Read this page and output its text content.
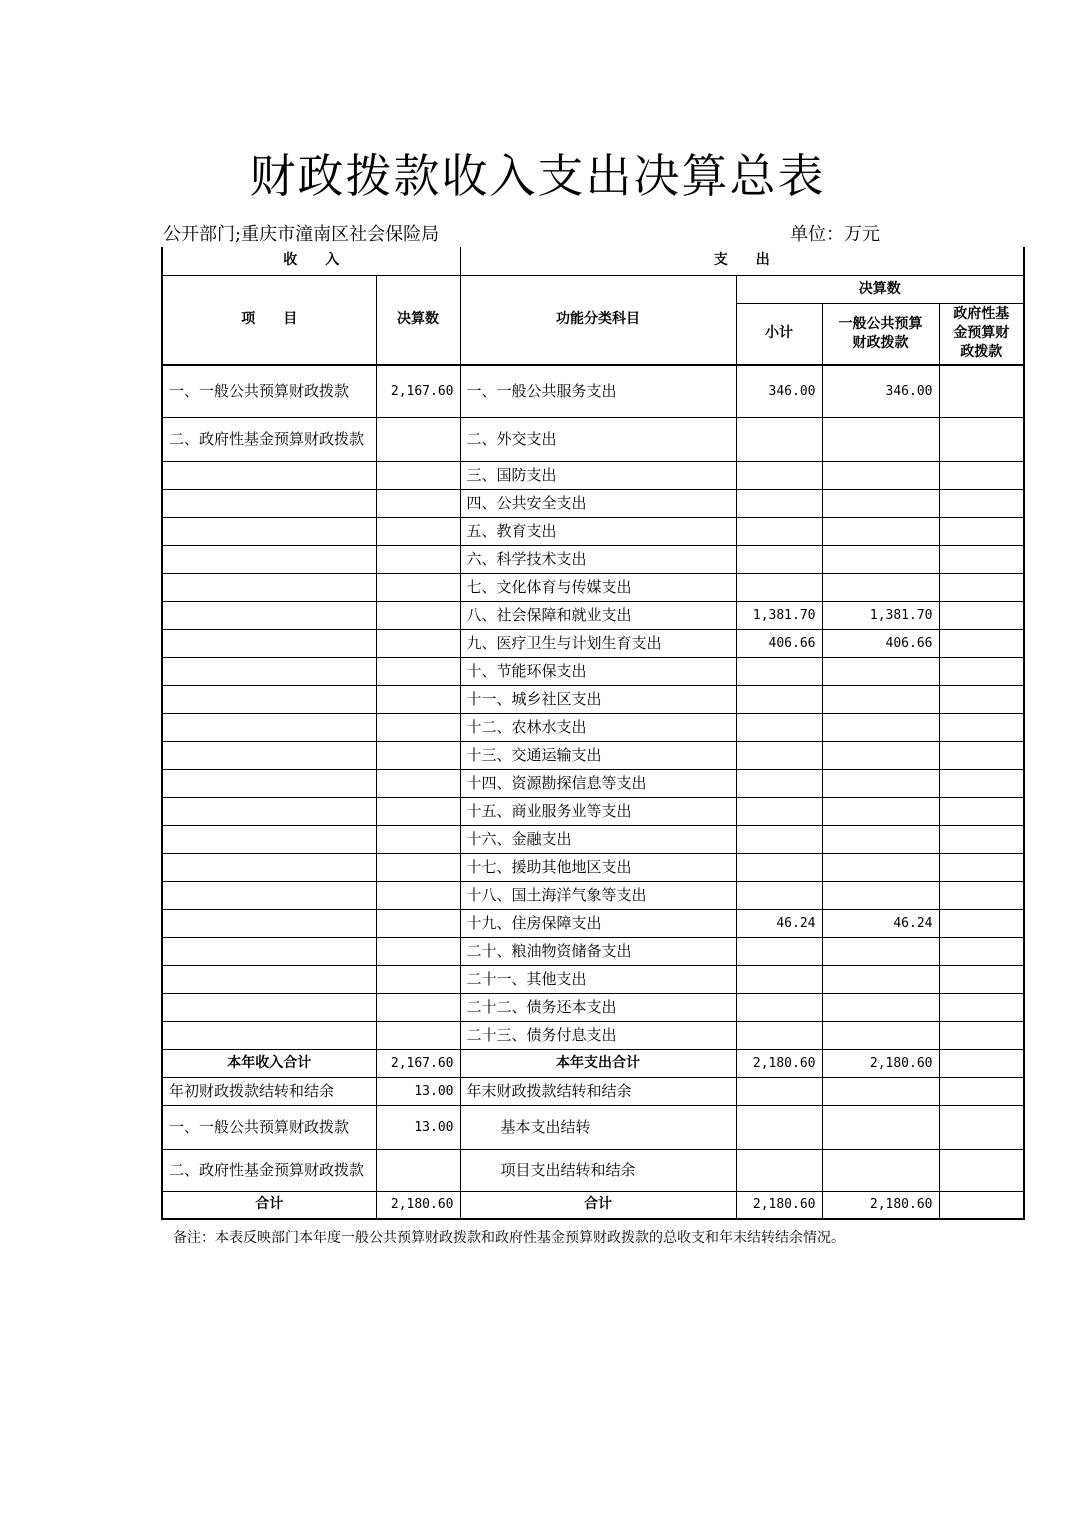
财政拨款收入支出决算总表
公开部门;重庆市潼南区社会保险局	单位：万元
收　　入		支　　出			
项　　目	决算数	功能分类科目	决算数		
			小计	一般公共预算财政拨款	政府性基金预算财政拨款
一、一般公共预算财政拨款	2,167.60	一、一般公共服务支出	346.00	346.00	
二、政府性基金预算财政拨款		二、外交支出			
		三、国防支出			
		四、公共安全支出			
		五、教育支出			
		六、科学技术支出			
		七、文化体育与传媒支出			
		八、社会保障和就业支出	1,381.70	1,381.70	
		九、医疗卫生与计划生育支出	406.66	406.66	
		十、节能环保支出			
		十一、城乡社区支出			
		十二、农林水支出			
		十三、交通运输支出			
		十四、资源勘探信息等支出			
		十五、商业服务业等支出			
		十六、金融支出			
		十七、援助其他地区支出			
		十八、国土海洋气象等支出			
		十九、住房保障支出	46.24	46.24	
		二十、粮油物资储备支出			
		二十一、其他支出			
		二十二、债务还本支出			
		二十三、债务付息支出			
本年收入合计	2,167.60	本年支出合计	2,180.60	2,180.60	
年初财政拨款结转和结余	13.00	年末财政拨款结转和结余			
一、一般公共预算财政拨款	13.00	基本支出结转			
二、政府性基金预算财政拨款		项目支出结转和结余			
合计	2,180.60	合计	2,180.60	2,180.60	
备注：本表反映部门本年度一般公共预算财政拨款和政府性基金预算财政拨款的总收支和年末结转结余情况。
